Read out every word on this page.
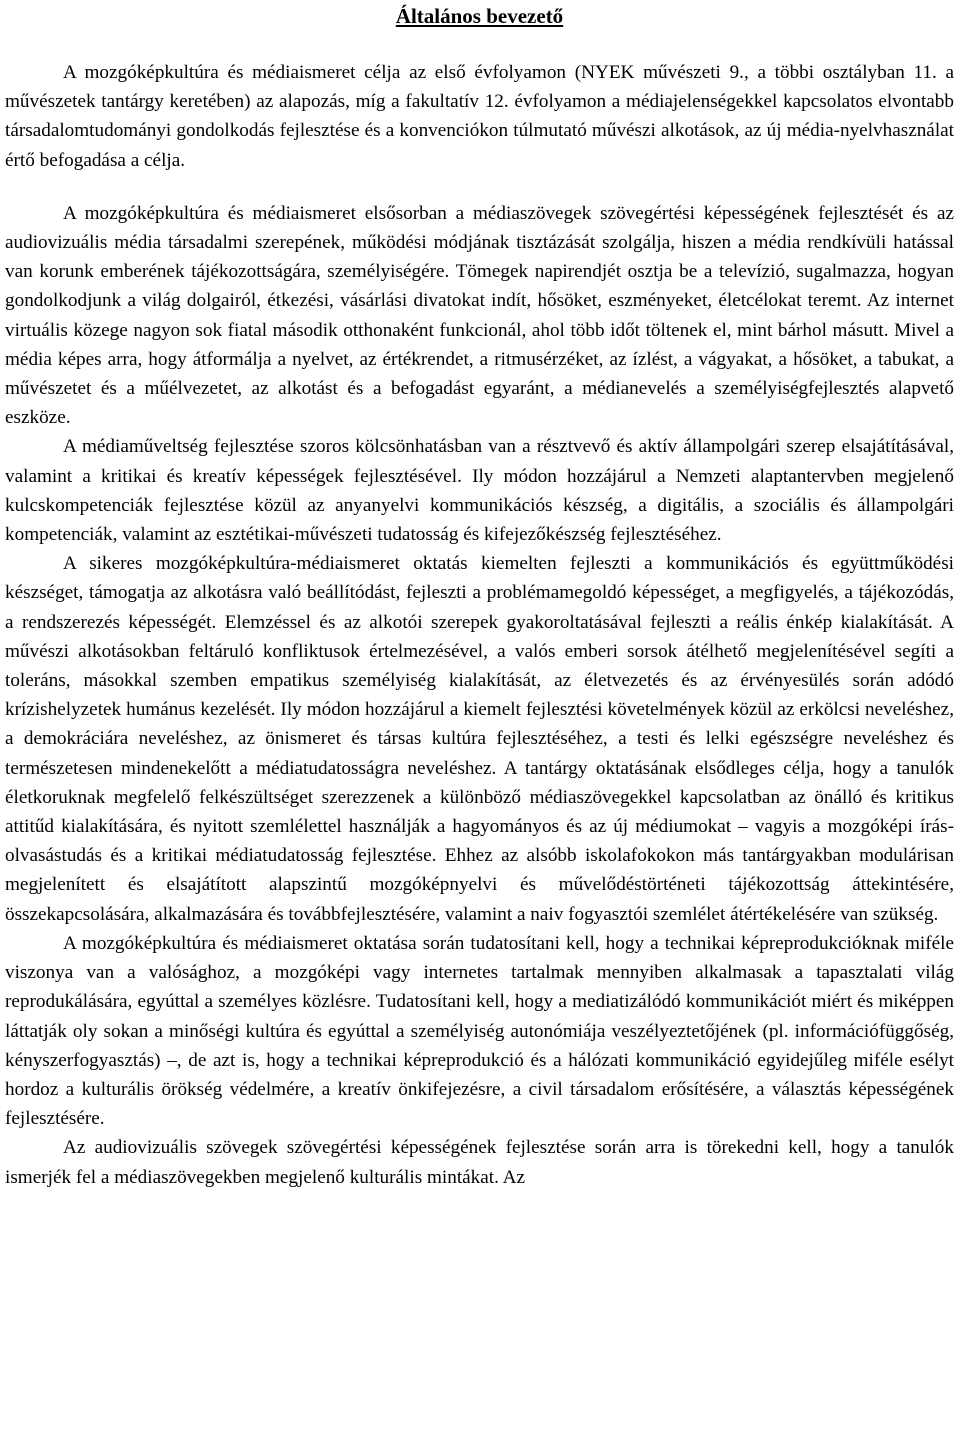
Általános bevezető

A mozgóképkultúra és médiaismeret célja az első évfolyamon (NYEK művészeti 9., a többi osztályban 11. a művészetek tantárgy keretében) az alapozás, míg a fakultatív 12. évfolyamon a médiajelenségekkel kapcsolatos elvontabb társadalomtudományi gondolkodás fejlesztése és a konvenciókon túlmutató művészi alkotások, az új média-nyelvhasználat értő befogadása a célja.

A mozgóképkultúra és médiaismeret elsősorban a médiaszövegek szövegértési képességének fejlesztését és az audiovizuális média társadalmi szerepének, működési módjának tisztázását szolgálja, hiszen a média rendkívüli hatással van korunk emberének tájékozottságára, személyiségére. Tömegek napirendjét osztja be a televízió, sugalmazza, hogyan gondolkodjunk a világ dolgairól, étkezési, vásárlási divatokat indít, hősöket, eszményeket, életcélokat teremt. Az internet virtuális közege nagyon sok fiatal második otthonaként funkcionál, ahol több időt töltenek el, mint bárhol másutt. Mivel a média képes arra, hogy átformálja a nyelvet, az értékrendet, a ritmusérzéket, az ízlést, a vágyakat, a hősöket, a tabukat, a művészetet és a műélvezetet, az alkotást és a befogadást egyaránt, a médianevelés a személyiségfejlesztés alapvető eszköze.

A médiaműveltség fejlesztése szoros kölcsönhatásban van a résztvevő és aktív állampolgári szerep elsajátításával, valamint a kritikai és kreatív képességek fejlesztésével. Ily módon hozzájárul a Nemzeti alaptantervben megjelenő kulcskompetenciák fejlesztése közül az anyanyelvi kommunikációs készség, a digitális, a szociális és állampolgári kompetenciák, valamint az esztétikai-művészeti tudatosság és kifejezőkészség fejlesztéséhez.

A sikeres mozgóképkultúra-médiaismeret oktatás kiemelten fejleszti a kommunikációs és együttműködési készséget, támogatja az alkotásra való beállítódást, fejleszti a problémamegoldó képességet, a megfigyelés, a tájékozódás, a rendszerezés képességét. Elemzéssel és az alkotói szerepek gyakoroltatásával fejleszti a reális énkép kialakítását. A művészi alkotásokban feltáruló konfliktusok értelmezésével, a valós emberi sorsok átélhető megjelenítésével segíti a toleráns, másokkal szemben empatikus személyiség kialakítását, az életvezetés és az érvényesülés során adódó krízishelyzetek humánus kezelését. Ily módon hozzájárul a kiemelt fejlesztési követelmények közül az erkölcsi neveléshez, a demokráciára neveléshez, az önismeret és társas kultúra fejlesztéséhez, a testi és lelki egészségre neveléshez és természetesen mindenekelőtt a médiatudatosságra neveléshez. A tantárgy oktatásának elsődleges célja, hogy a tanulók életkoruknak megfelelő felkészültséget szerezzenek a különböző médiaszövegekkel kapcsolatban az önálló és kritikus attitűd kialakítására, és nyitott szemlélettel használják a hagyományos és az új médiumokat – vagyis a mozgóképi írás-olvasástudás és a kritikai médiatudatosság fejlesztése. Ehhez az alsóbb iskolafokokon más tantárgyakban modulárisan megjelenített és elsajátított alapszintű mozgóképnyelvi és művelődéstörténeti tájékozottság áttekintésére, összekapcsolására, alkalmazására és továbbfejlesztésére, valamint a naiv fogyasztói szemlélet átértékelésére van szükség.

A mozgóképkultúra és médiaismeret oktatása során tudatosítani kell, hogy a technikai képreprodukcióknak miféle viszonya van a valósághoz, a mozgóképi vagy internetes tartalmak mennyiben alkalmasak a tapasztalati világ reprodukálására, egyúttal a személyes közlésre. Tudatosítani kell, hogy a mediatizálódó kommunikációt miért és miképpen láttatják oly sokan a minőségi kultúra és egyúttal a személyiség autonómiája veszélyeztetőjének (pl. információfüggőség, kényszerfogyasztás) –, de azt is, hogy a technikai képreprodukció és a hálózati kommunikáció egyidejűleg miféle esélyt hordoz a kulturális örökség védelmére, a kreatív önkifejezésre, a civil társadalom erősítésére, a választás képességének fejlesztésére.

Az audiovizuális szövegek szövegértési képességének fejlesztése során arra is törekedni kell, hogy a tanulók ismerjék fel a médiaszövegekben megjelenő kulturális mintákat. Az
